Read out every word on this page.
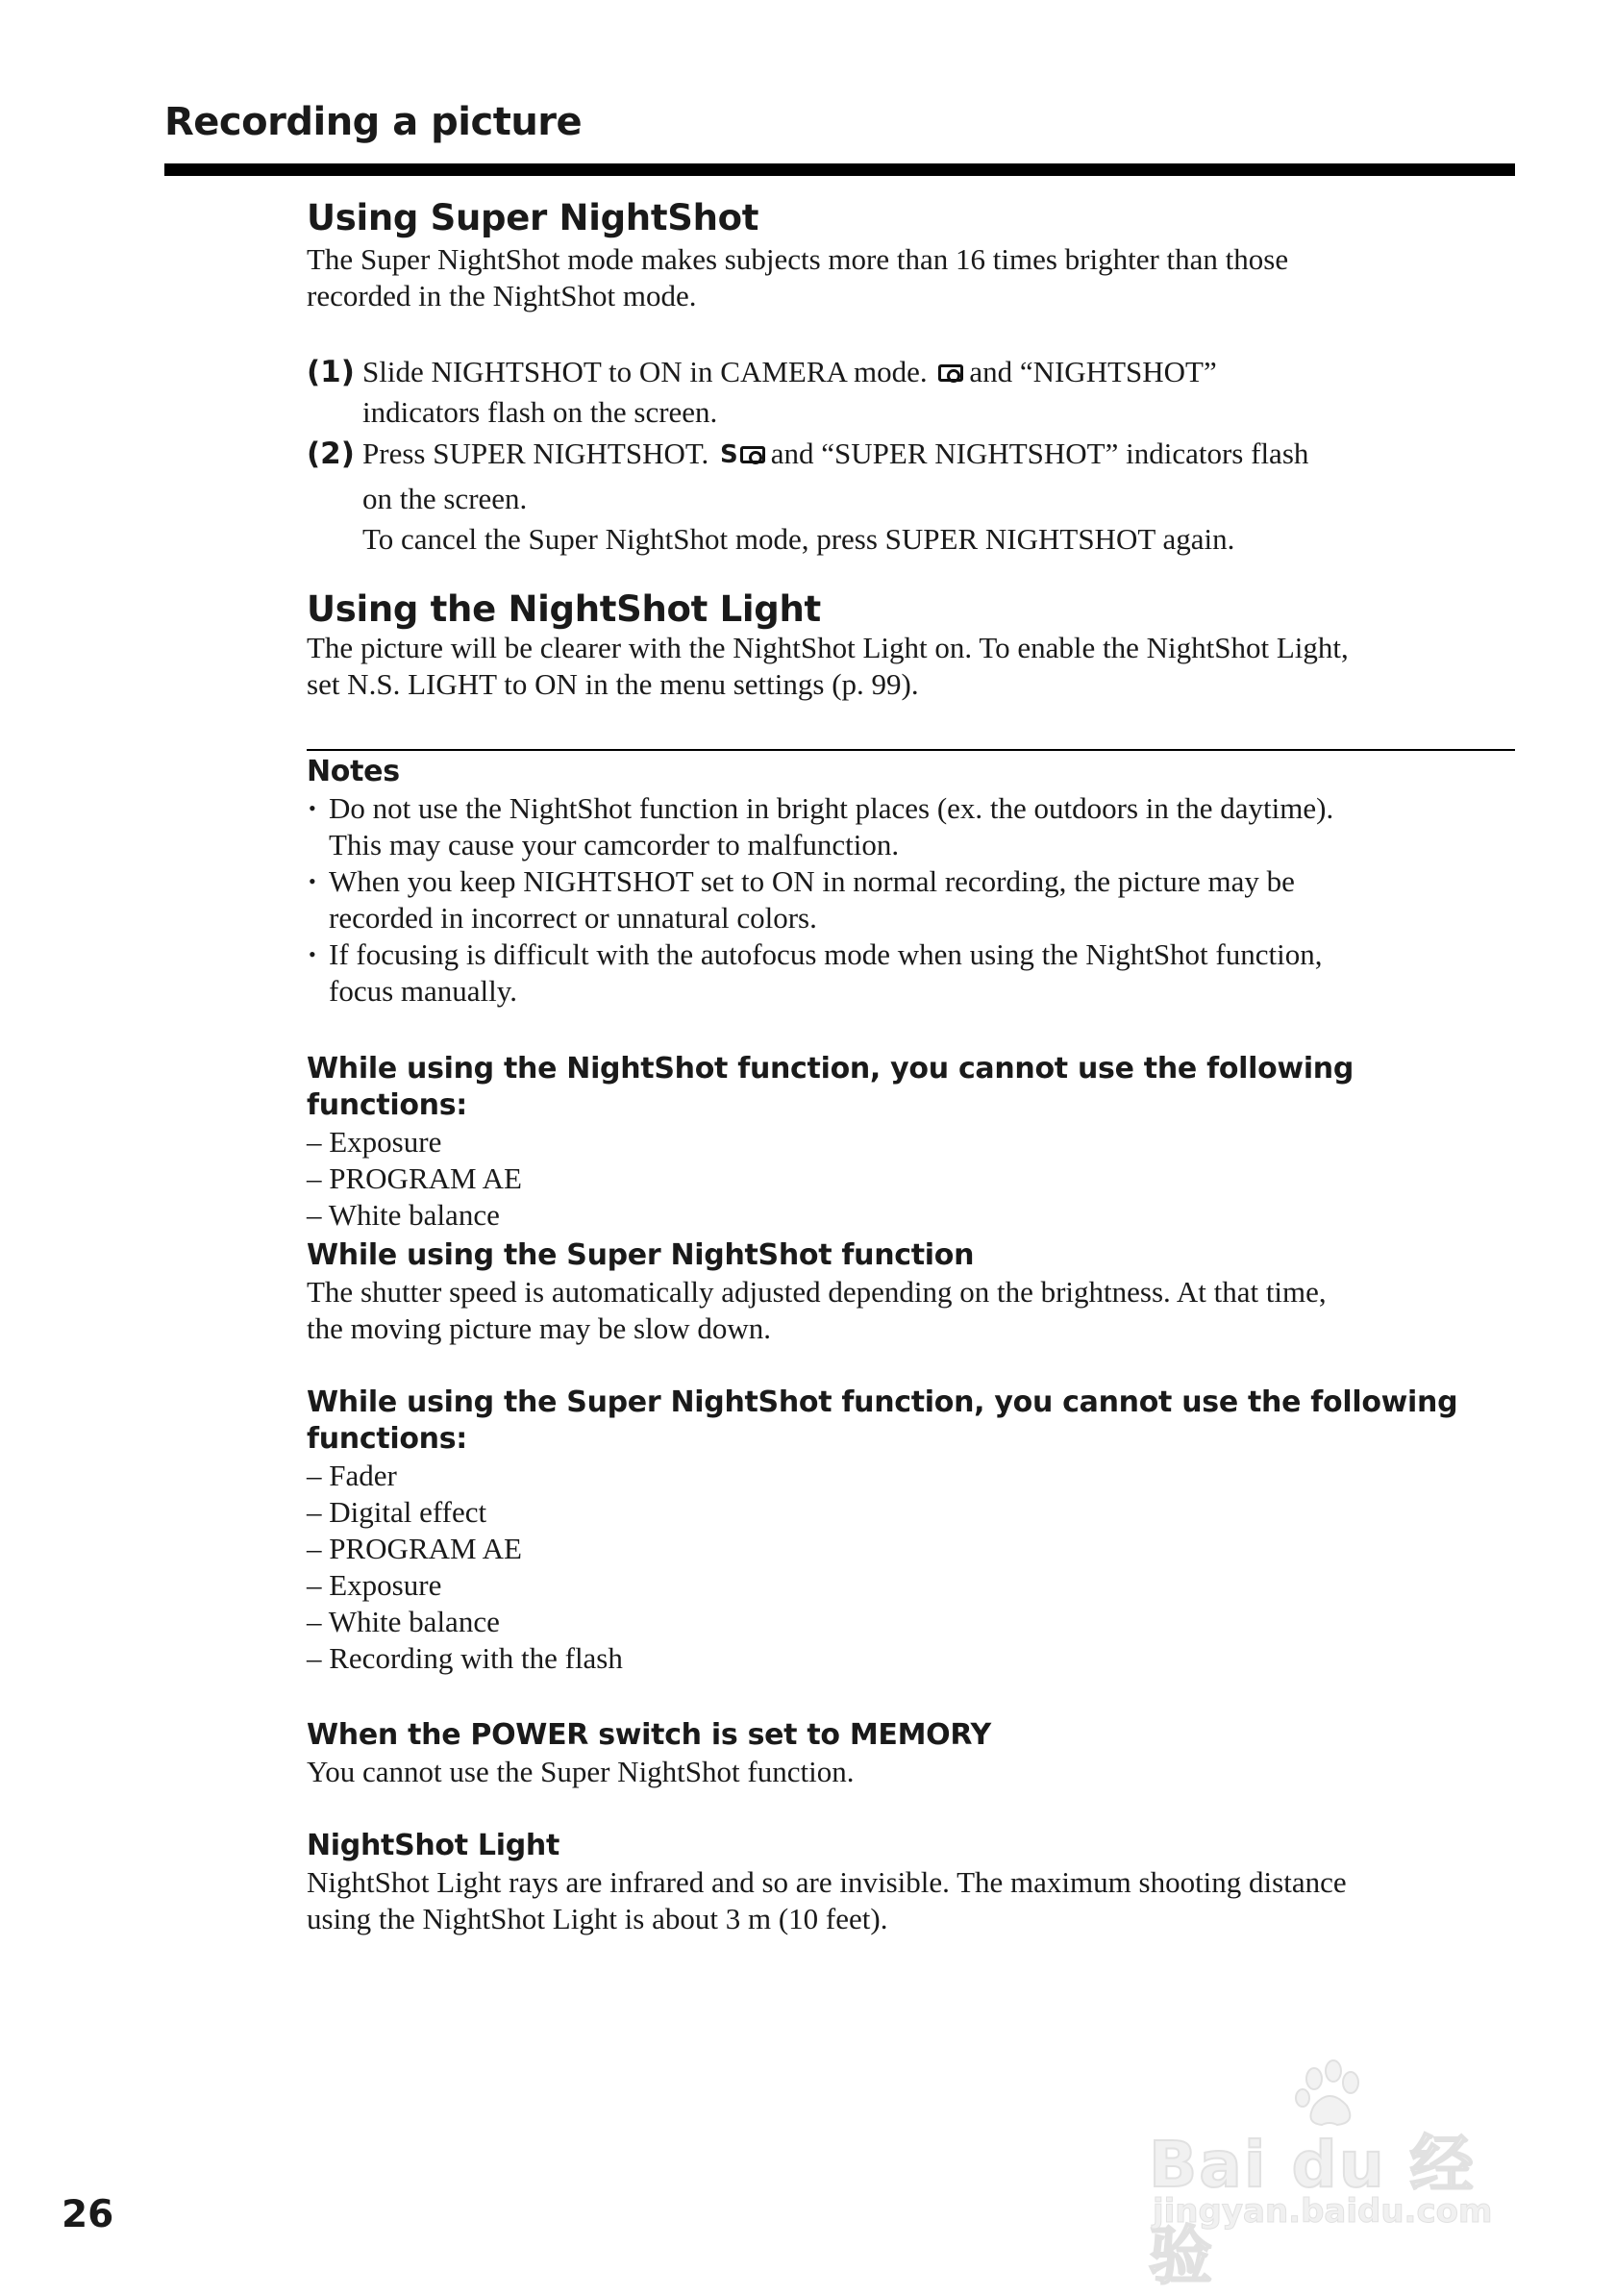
Recording a picture
Using Super NightShot
The Super NightShot mode makes subjects more than 16 times brighter than those
recorded in the NightShot mode.
(1) Slide NIGHTSHOT to ON in CAMERA mode. and “NIGHTSHOT”
indicators flash on the screen.
(2) Press SUPER NIGHTSHOT. S and “SUPER NIGHTSHOT” indicators flash
on the screen.
To cancel the Super NightShot mode, press SUPER NIGHTSHOT again.
Using the NightShot Light
The picture will be clearer with the NightShot Light on. To enable the NightShot Light,
set N.S. LIGHT to ON in the menu settings (p. 99).
Notes
• Do not use the NightShot function in bright places (ex. the outdoors in the daytime).
This may cause your camcorder to malfunction.
• When you keep NIGHTSHOT set to ON in normal recording, the picture may be
recorded in incorrect or unnatural colors.
• If focusing is difficult with the autofocus mode when using the NightShot function,
focus manually.
While using the NightShot function, you cannot use the following functions:
– Exposure
– PROGRAM AE
– White balance
While using the Super NightShot function
The shutter speed is automatically adjusted depending on the brightness. At that time,
the moving picture may be slow down.
While using the Super NightShot function, you cannot use the following
functions:
– Fader
– Digital effect
– PROGRAM AE
– Exposure
– White balance
– Recording with the flash
When the POWER switch is set to MEMORY
You cannot use the Super NightShot function.
NightShot Light
NightShot Light rays are infrared and so are invisible. The maximum shooting distance
using the NightShot Light is about 3 m (10 feet).
26
Bai du 经验
jingyan.baidu.com
